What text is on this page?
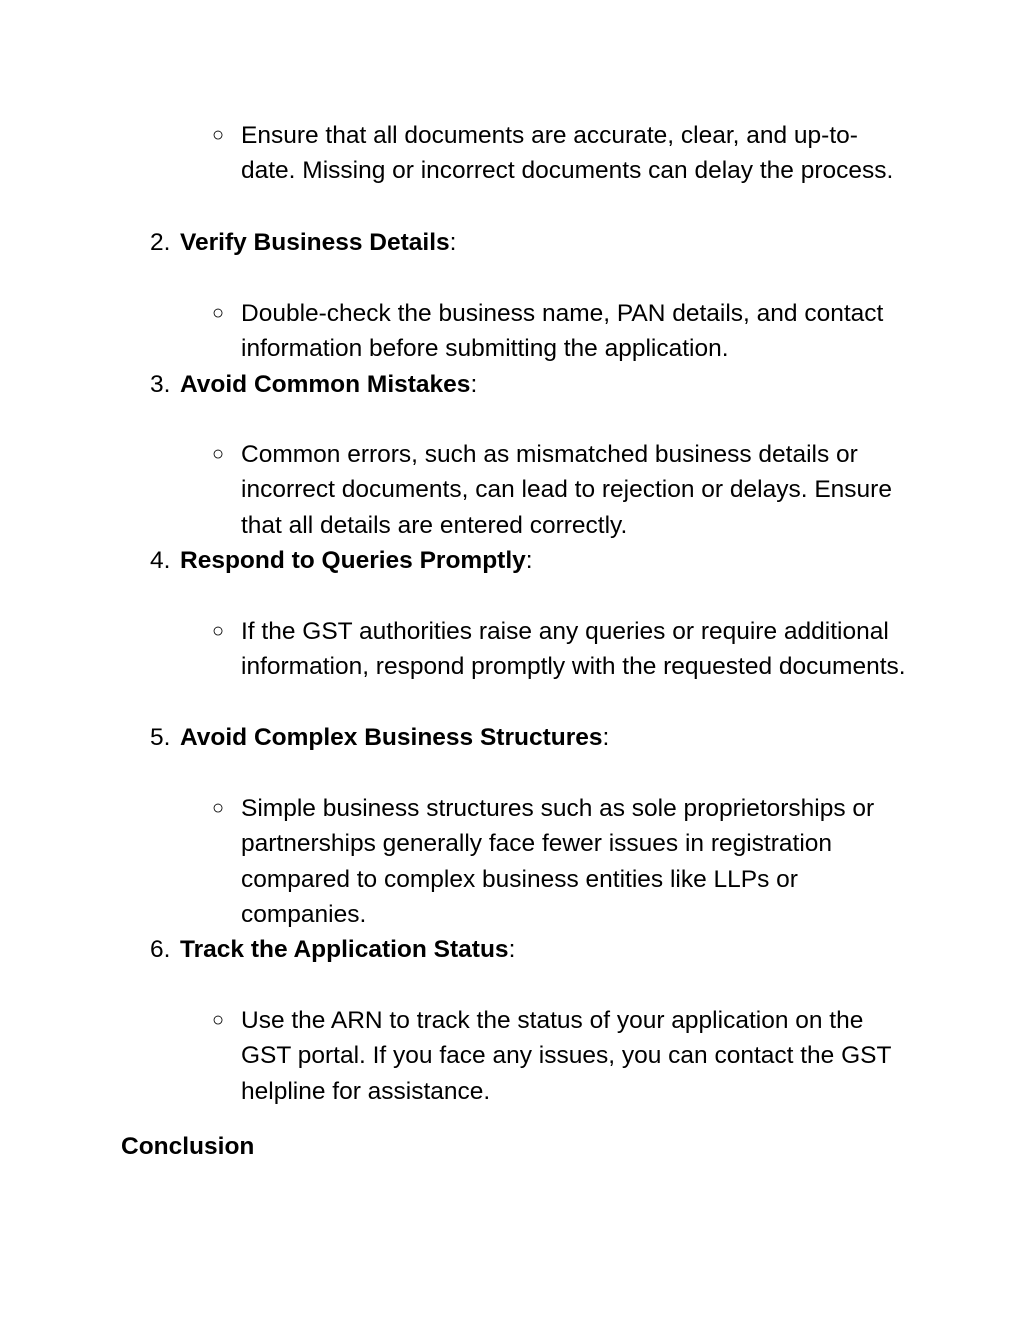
○ Ensure that all documents are accurate, clear, and up-to-date. Missing or incorrect documents can delay the process.
2. Verify Business Details:
○ Double-check the business name, PAN details, and contact information before submitting the application.
3. Avoid Common Mistakes:
○ Common errors, such as mismatched business details or incorrect documents, can lead to rejection or delays. Ensure that all details are entered correctly.
4. Respond to Queries Promptly:
○ If the GST authorities raise any queries or require additional information, respond promptly with the requested documents.
5. Avoid Complex Business Structures:
○ Simple business structures such as sole proprietorships or partnerships generally face fewer issues in registration compared to complex business entities like LLPs or companies.
6. Track the Application Status:
○ Use the ARN to track the status of your application on the GST portal. If you face any issues, you can contact the GST helpline for assistance.
Conclusion
